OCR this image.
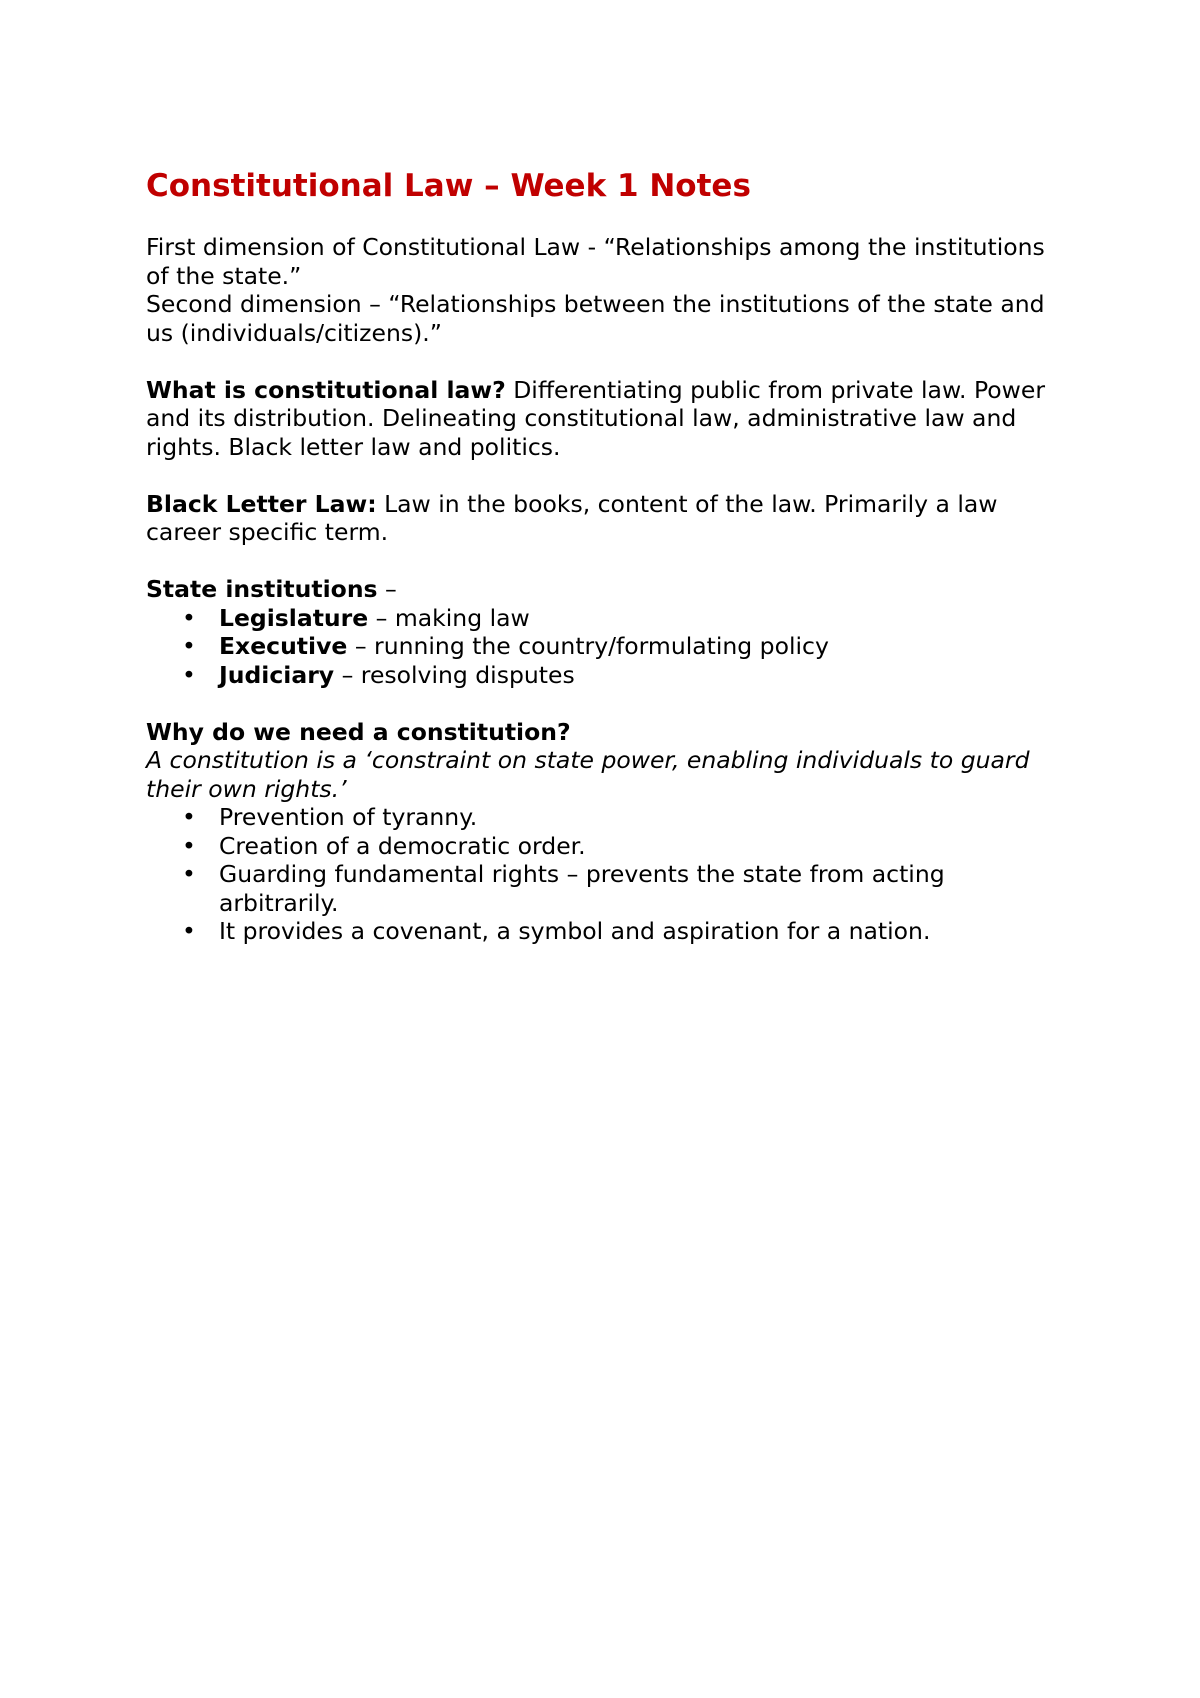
Constitutional Law – Week 1 Notes

First dimension of Constitutional Law - “Relationships among the institutions of the state.”

Second dimension – “Relationships between the institutions of the state and us (individuals/citizens).”

What is constitutional law? Differentiating public from private law. Power and its distribution. Delineating constitutional law, administrative law and rights. Black letter law and politics.

Black Letter Law: Law in the books, content of the law. Primarily a law career specific term.

State institutions –

• Legislature – making law
• Executive – running the country/formulating policy
• Judiciary – resolving disputes

Why do we need a constitution?

A constitution is a ‘constraint on state power, enabling individuals to guard their own rights.’

• Prevention of tyranny.
• Creation of a democratic order.
• Guarding fundamental rights – prevents the state from acting arbitrarily.
• It provides a covenant, a symbol and aspiration for a nation.
